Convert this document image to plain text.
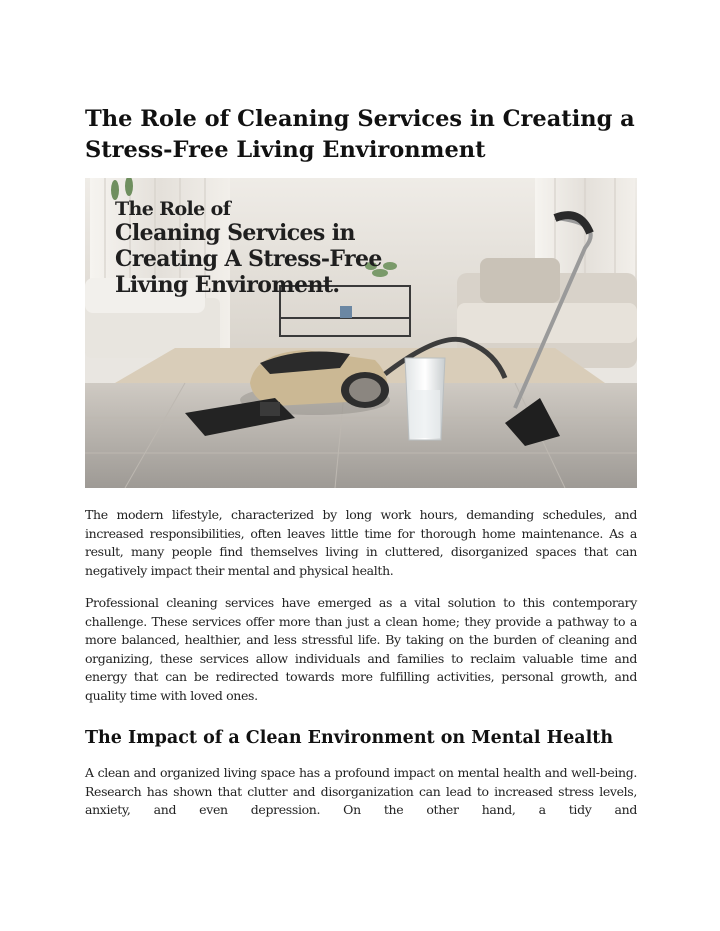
The Role of Cleaning Services in Creating a Stress-Free Living Environment
The Role of
Cleaning Services in
Creating A Stress-Free
Living Enviroment.

The modern lifestyle, characterized by long work hours, demanding schedules, and increased responsibilities, often leaves little time for thorough home maintenance. As a result, many people find themselves living in cluttered, disorganized spaces that can negatively impact their mental and physical health.

Professional cleaning services have emerged as a vital solution to this contemporary challenge. These services offer more than just a clean home; they provide a pathway to a more balanced, healthier, and less stressful life. By taking on the burden of cleaning and organizing, these services allow individuals and families to reclaim valuable time and energy that can be redirected towards more fulfilling activities, personal growth, and quality time with loved ones.

The Impact of a Clean Environment on Mental Health

A clean and organized living space has a profound impact on mental health and well-being. Research has shown that clutter and disorganization can lead to increased stress levels, anxiety, and even depression. On the other hand, a tidy and
